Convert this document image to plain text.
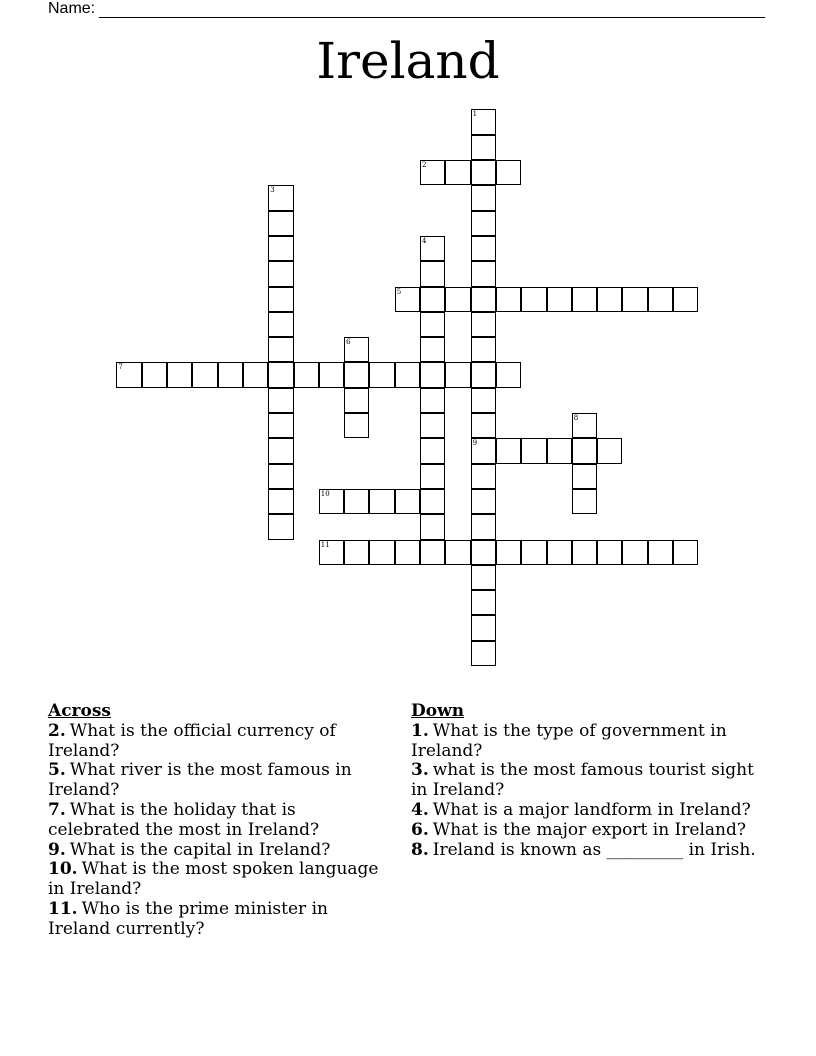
Name:
Ireland
1
9
2
3
4
5
6
7
8
10
11
Across

2. What is the official currency of Ireland?

5. What river is the most famous in Ireland?

7. What is the holiday that is celebrated the most in Ireland?

9. What is the capital in Ireland?

10. What is the most spoken language in Ireland?

11. Who is the prime minister in Ireland currently?

Down

1. What is the type of government in Ireland?

3. what is the most famous tourist sight in Ireland?

4. What is a major landform in Ireland?

6. What is the major export in Ireland?

8. Ireland is known as _________ in Irish.
